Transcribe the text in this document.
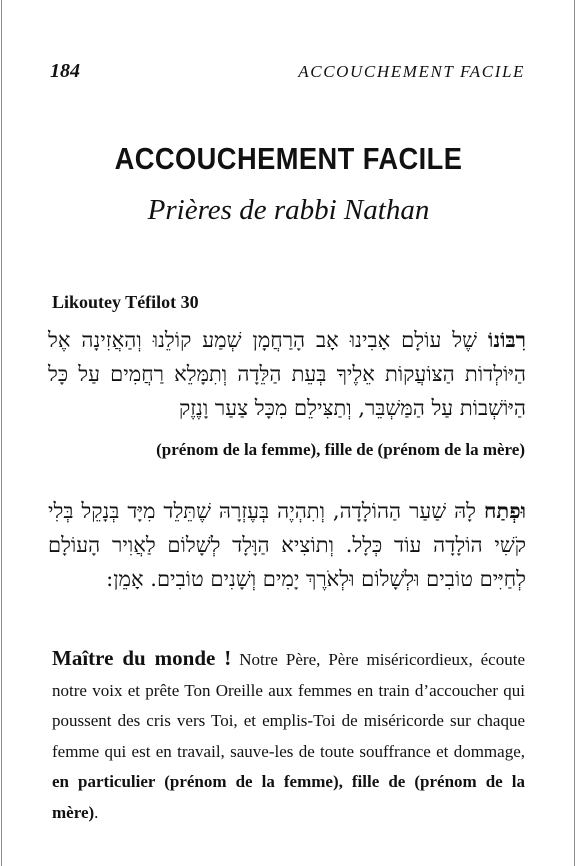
184	ACCOUCHEMENT FACILE
ACCOUCHEMENT FACILE
Prières de rabbi Nathan
Likoutey Téfilot 30

רִבּוֹנוֹ שֶׁל עוֹלָם אָבִינוּ אָב הָרַחֲמָן שְׁמַע קוֹלֵנוּ וְהַאֲזִינָה אֶל הַיּוֹלְדוֹת הַצּוֹעֲקוֹת אֵלֶיךָ בְּעֵת הַלֵּדָה וְתִמָּלֵא רַחֲמִים עַל כָּל הַיּוֹשְׁבוֹת עַל הַמַּשְׁבֵּר, וְתַצִּילֵם מִכָּל צַעַר וָנֶזֶק

(prénom de la femme), fille de (prénom de la mère)

וּפְתַח לָהּ שַׁעַר הַהוֹלָדָה, וְתִהְיֶה בְּעֶזְרָהּ שֶׁתֵּלֵד מִיָּד בְּנָקֵל בְּלִי קֹשִׁי הוֹלָדָה עוֹד כְּלָל. וְתוֹצִיא הַוָּלָד לְשָׁלוֹם לַאֲוִיר הָעוֹלָם לְחַיִּים טוֹבִים וּלְשָׁלוֹם וּלְאֹרֶךְ יָמִים וְשָׁנִים טוֹבִים. אָמֵן:

Maître du monde ! Notre Père, Père miséricordieux, écoute notre voix et prête Ton Oreille aux femmes en train d’accoucher qui poussent des cris vers Toi, et emplis-Toi de miséricorde sur chaque femme qui est en travail, sauve-les de toute souffrance et dommage, en particulier (prénom de la femme), fille de (prénom de la mère).
